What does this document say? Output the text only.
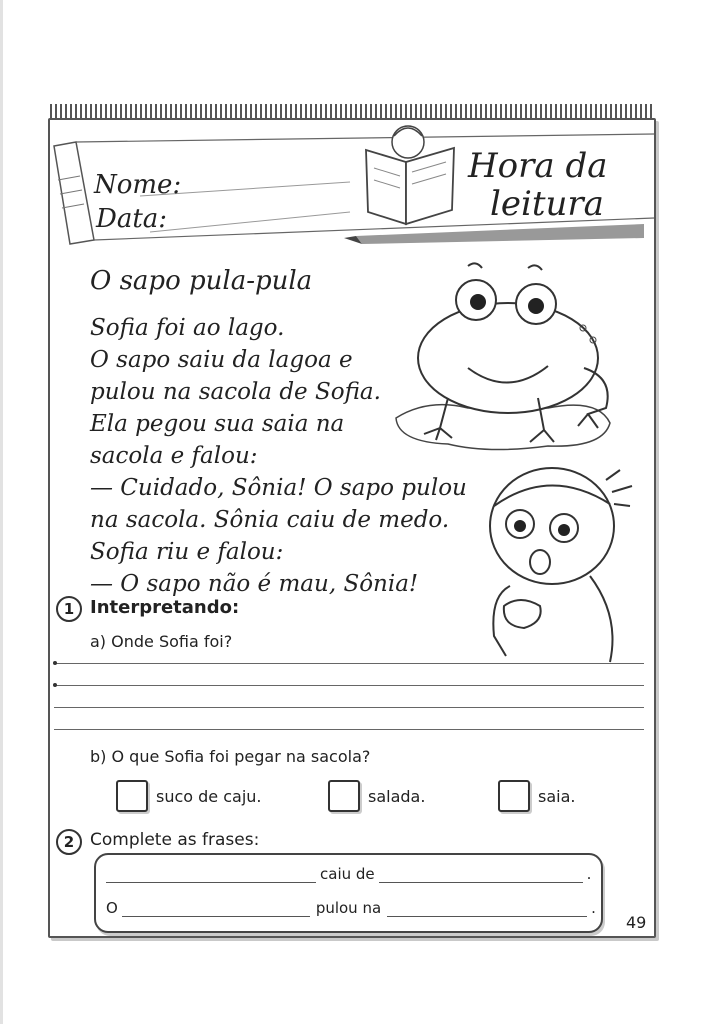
Nome:
Data:
Hora da
leitura
O sapo pula-pula
Sofia foi ao lago.
O sapo saiu da lagoa e
pulou na sacola de Sofia.
Ela pegou sua saia na
sacola e falou:
— Cuidado, Sônia! O sapo pulou
na sacola. Sônia caiu de medo.
Sofia riu e falou:
— O sapo não é mau, Sônia!
1 Interpretando:
a) Onde Sofia foi?
b) O que Sofia foi pegar na sacola?
suco de caju.	salada.	saia.
2 Complete as frases:
caiu de	.
O	pulou na	.
49
